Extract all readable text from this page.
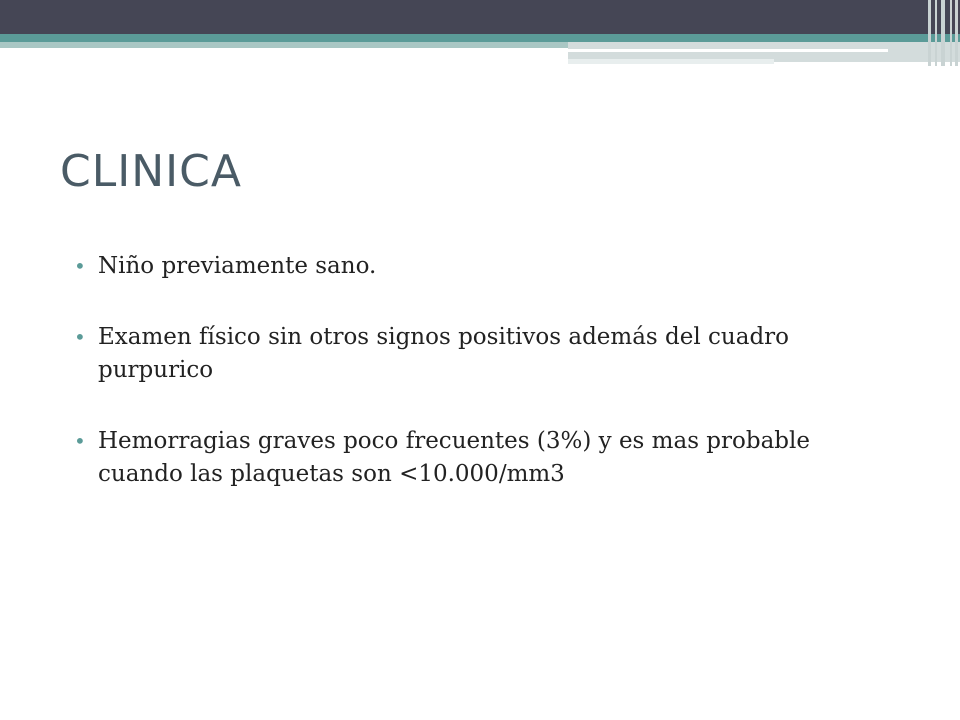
CLINICA
• Niño previamente sano.
• Examen físico sin otros signos positivos además del cuadro purpurico
• Hemorragias graves poco frecuentes (3%) y es mas probable cuando las plaquetas son <10.000/mm3
